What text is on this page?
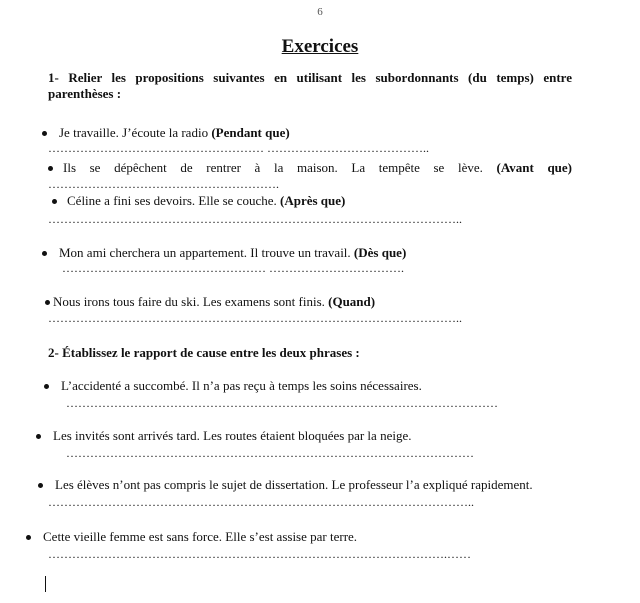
6
Exercices
1- Relier les propositions suivantes en utilisant les subordonnants (du temps) entre
parenthèses :
Je travaille. J’écoute la radio (Pendant que)
……………………………………………… …………………………………..
Ils se dépêchent de rentrer à la maison. La tempête se lève. (Avant que)
………………………………………………….
Céline a fini ses devoirs. Elle se couche. (Après que)
…………………………………………………………………………………………..
Mon ami cherchera un appartement. Il trouve un travail. (Dès que)
…………………………………………… …………………………….
Nous irons tous faire du ski. Les examens sont finis. (Quand)
…………………………………………………………………………………………..
2- Établissez le rapport de cause entre les deux phrases :
L’accidenté a succombé. Il n’a pas reçu à temps les soins nécessaires.
………………………………………………………………………………………………
Les invités sont arrivés tard. Les routes étaient bloquées par la neige.
…………………………………………………………………………………………
Les élèves n’ont pas compris le sujet de dissertation. Le professeur l’a expliqué rapidement.
……………………………………………………………………………………………..
Cette vieille femme est sans force. Elle s’est assise par terre.
……………………………………………………………………………………….……
